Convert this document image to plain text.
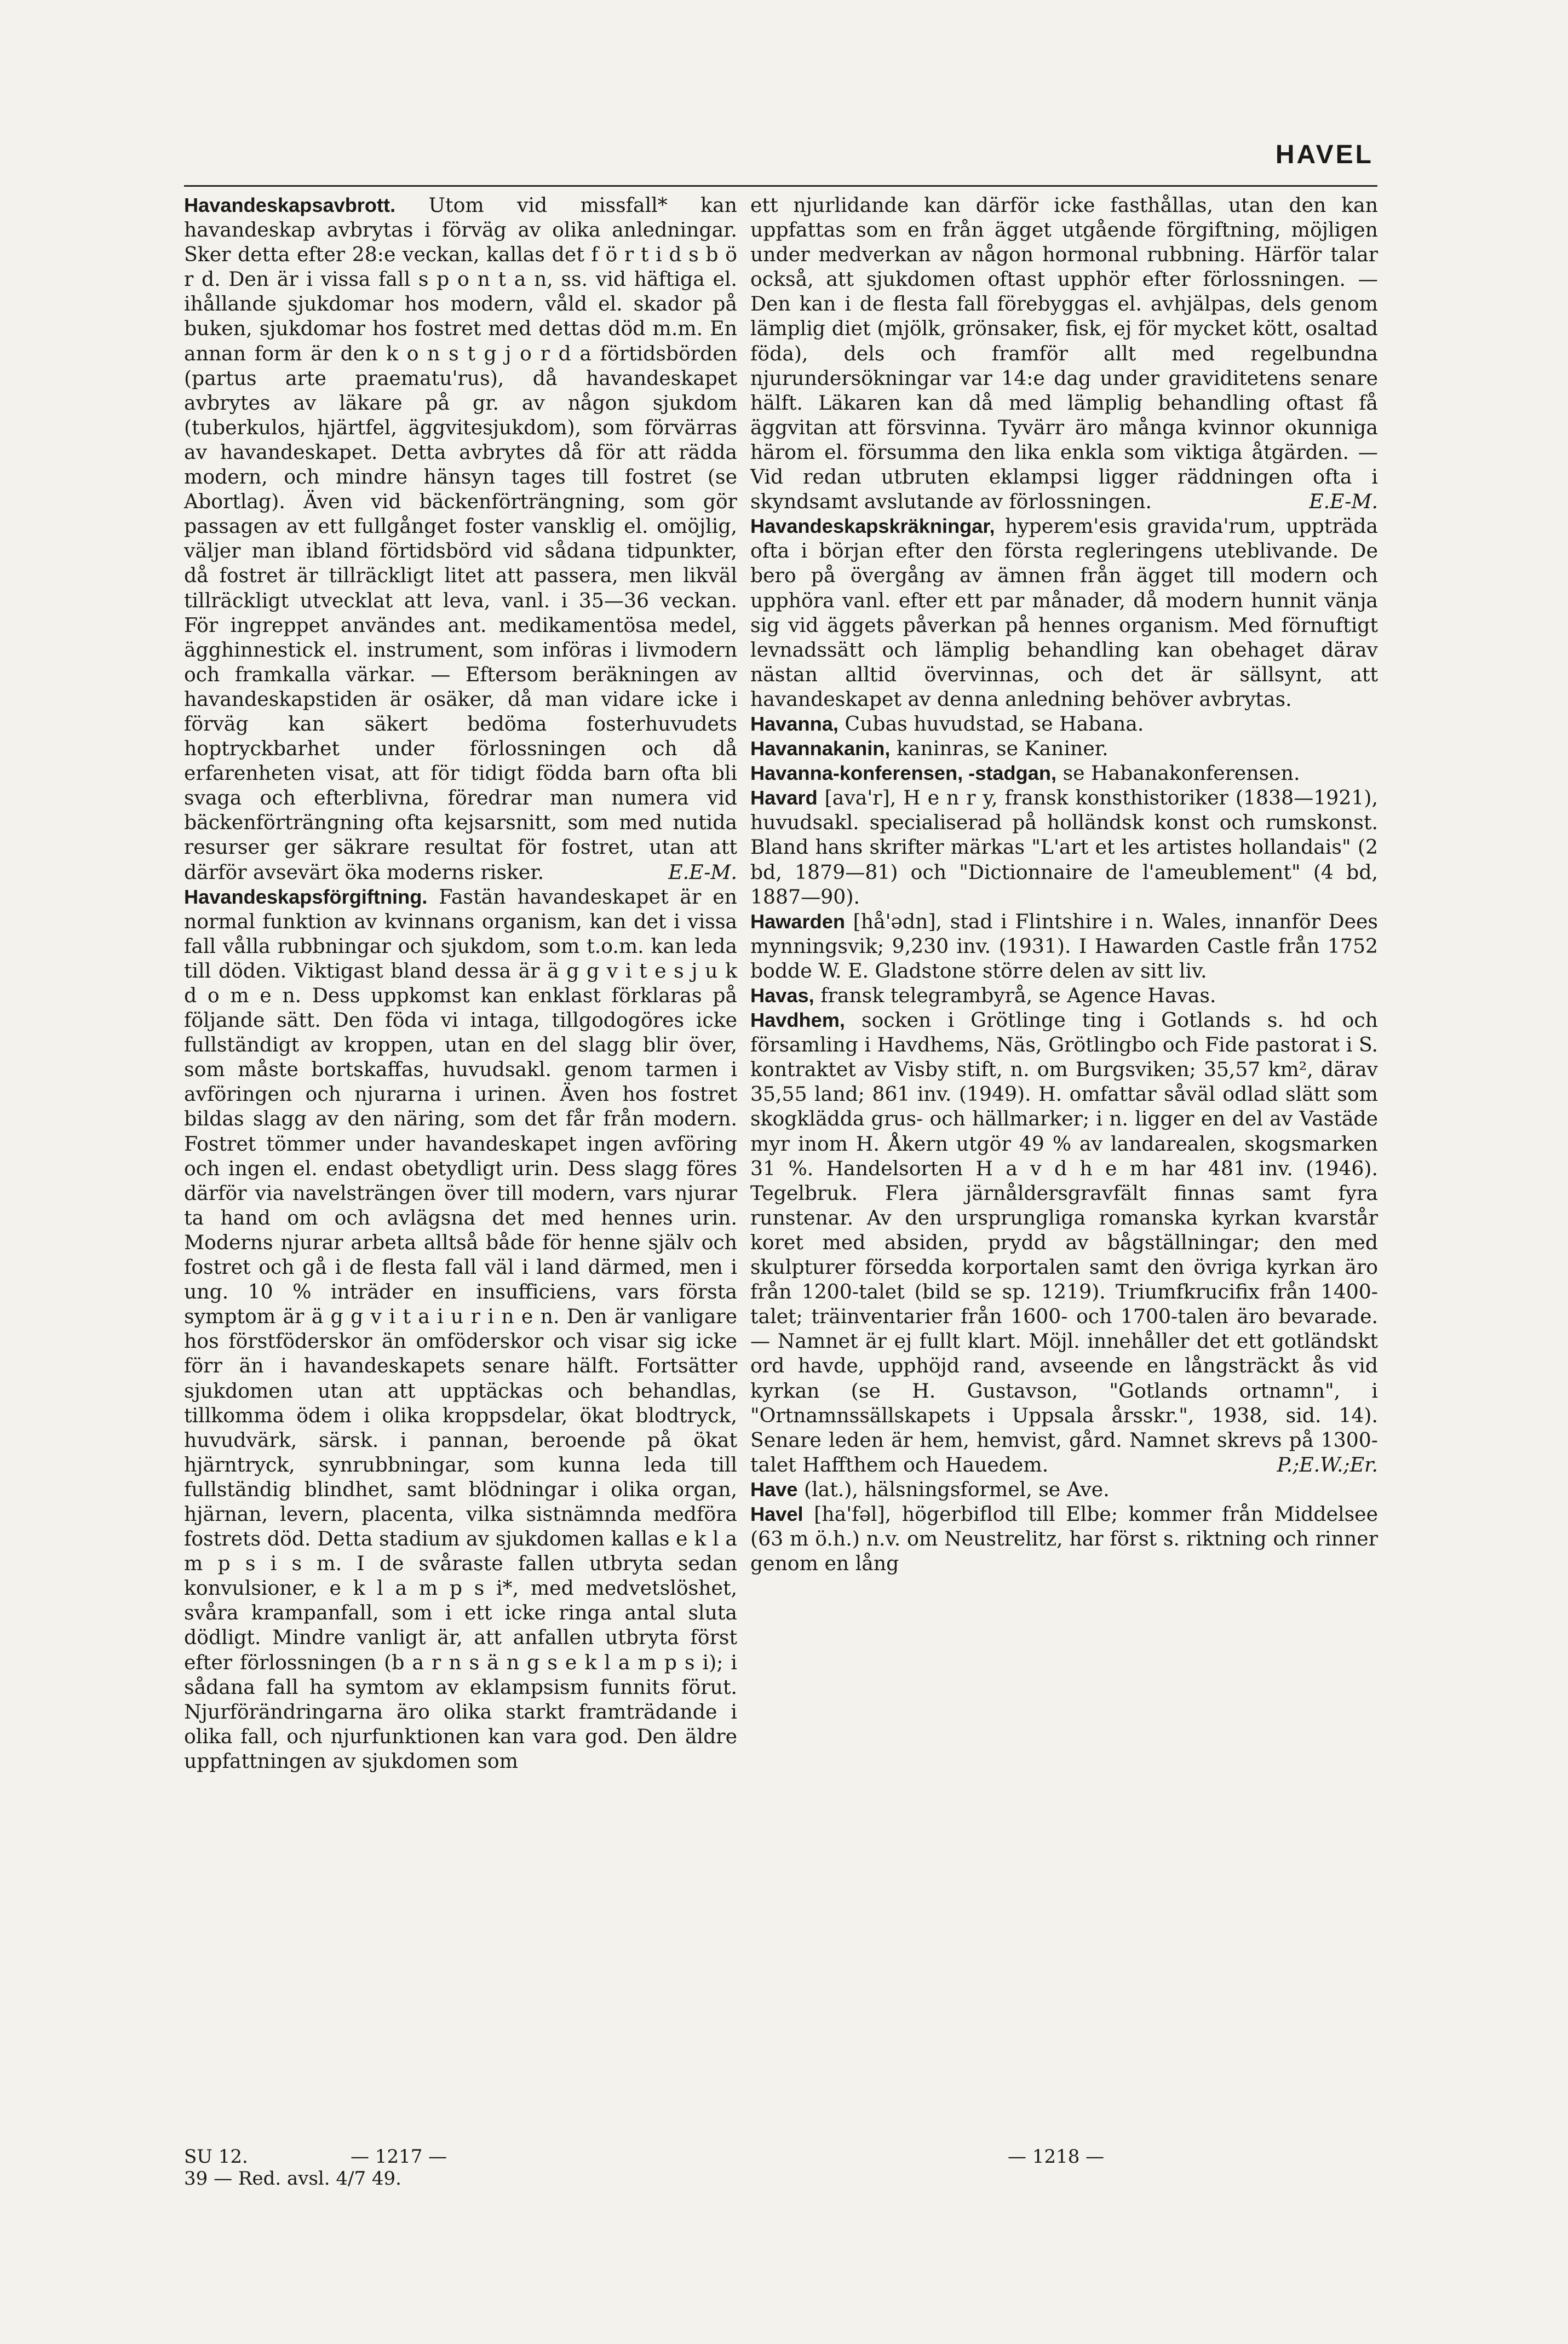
HAVEL

Havandeskapsavbrott. Utom vid missfall* kan havandeskap avbrytas i förväg av olika anledningar. Sker detta efter 28:e veckan, kallas det f ö r t i d s b ö r d. Den är i vissa fall s p o n t a n, ss. vid häftiga el. ihållande sjukdomar hos modern, våld el. skador på buken, sjukdomar hos fostret med dettas död m.m. En annan form är den k o n s t g j o r d a förtidsbörden (partus arte praematu'rus), då havandeskapet avbrytes av läkare på gr. av någon sjukdom (tuberkulos, hjärtfel, äggvitesjukdom), som förvärras av havandeskapet. Detta avbrytes då för att rädda modern, och mindre hänsyn tages till fostret (se Abortlag). Även vid bäckenförträngning, som gör passagen av ett fullgånget foster vansklig el. omöjlig, väljer man ibland förtidsbörd vid sådana tidpunkter, då fostret är tillräckligt litet att passera, men likväl tillräckligt utvecklat att leva, vanl. i 35—36 veckan. För ingreppet användes ant. medikamentösa medel, ägghinnestick el. instrument, som införas i livmodern och framkalla värkar. — Eftersom beräkningen av havandeskapstiden är osäker, då man vidare icke i förväg kan säkert bedöma fosterhuvudets hoptryckbarhet under förlossningen och då erfarenheten visat, att för tidigt födda barn ofta bli svaga och efterblivna, föredrar man numera vid bäckenförträngning ofta kejsarsnitt, som med nutida resurser ger säkrare resultat för fostret, utan att därför avsevärt öka moderns risker.	E.E-M.

Havandeskapsförgiftning. Fastän havandeskapet är en normal funktion av kvinnans organism, kan det i vissa fall vålla rubbningar och sjukdom, som t.o.m. kan leda till döden. Viktigast bland dessa är ä g g v i t e s j u k d o m e n. Dess uppkomst kan enklast förklaras på följande sätt. Den föda vi intaga, tillgodogöres icke fullständigt av kroppen, utan en del slagg blir över, som måste bortskaffas, huvudsakl. genom tarmen i avföringen och njurarna i urinen. Även hos fostret bildas slagg av den näring, som det får från modern. Fostret tömmer under havandeskapet ingen avföring och ingen el. endast obetydligt urin. Dess slagg föres därför via navelsträngen över till modern, vars njurar ta hand om och avlägsna det med hennes urin. Moderns njurar arbeta alltså både för henne själv och fostret och gå i de flesta fall väl i land därmed, men i ung. 10 % inträder en insufficiens, vars första symptom är ä g g v i t a i u r i n e n. Den är vanligare hos förstföderskor än omföderskor och visar sig icke förr än i havandeskapets senare hälft. Fortsätter sjukdomen utan att upptäckas och behandlas, tillkomma ödem i olika kroppsdelar, ökat blodtryck, huvudvärk, särsk. i pannan, beroende på ökat hjärntryck, synrubbningar, som kunna leda till fullständig blindhet, samt blödningar i olika organ, hjärnan, levern, placenta, vilka sistnämnda medföra fostrets död. Detta stadium av sjukdomen kallas e k l a m p s i s m. I de svåraste fallen utbryta sedan konvulsioner, e k l a m p s i*, med medvetslöshet, svåra krampanfall, som i ett icke ringa antal sluta dödligt. Mindre vanligt är, att anfallen utbryta först efter förlossningen (b a r n s ä n g s e k l a m p s i); i sådana fall ha symtom av eklampsism funnits förut. Njurförändringarna äro olika starkt framträdande i olika fall, och njurfunktionen kan vara god. Den äldre uppfattningen av sjukdomen som

ett njurlidande kan därför icke fasthållas, utan den kan uppfattas som en från ägget utgående förgiftning, möjligen under medverkan av någon hormonal rubbning. Härför talar också, att sjukdomen oftast upphör efter förlossningen. — Den kan i de flesta fall förebyggas el. avhjälpas, dels genom lämplig diet (mjölk, grönsaker, fisk, ej för mycket kött, osaltad föda), dels och framför allt med regelbundna njurundersökningar var 14:e dag under graviditetens senare hälft. Läkaren kan då med lämplig behandling oftast få äggvitan att försvinna. Tyvärr äro många kvinnor okunniga härom el. försumma den lika enkla som viktiga åtgärden. — Vid redan utbruten eklampsi ligger räddningen ofta i skyndsamt avslutande av förlossningen.	E.E-M.

Havandeskapskräkningar, hyperem'esis gravida'rum, uppträda ofta i början efter den första regleringens uteblivande. De bero på övergång av ämnen från ägget till modern och upphöra vanl. efter ett par månader, då modern hunnit vänja sig vid äggets påverkan på hennes organism. Med förnuftigt levnadssätt och lämplig behandling kan obehaget därav nästan alltid övervinnas, och det är sällsynt, att havandeskapet av denna anledning behöver avbrytas.

Havanna, Cubas huvudstad, se Habana.

Havannakanin, kaninras, se Kaniner.

Havanna-konferensen, -stadgan, se Habanakonferensen.

Havard [ava'r], H e n r y, fransk konsthistoriker (1838—1921), huvudsakl. specialiserad på holländsk konst och rumskonst. Bland hans skrifter märkas "L'art et les artistes hollandais" (2 bd, 1879—81) och "Dictionnaire de l'ameublement" (4 bd, 1887—90).

Hawarden [hå'ədn], stad i Flintshire i n. Wales, innanför Dees mynningsvik; 9,230 inv. (1931). I Hawarden Castle från 1752 bodde W. E. Gladstone större delen av sitt liv.

Havas, fransk telegrambyrå, se Agence Havas.

Havdhem, socken i Grötlinge ting i Gotlands s. hd och församling i Havdhems, Näs, Grötlingbo och Fide pastorat i S. kontraktet av Visby stift, n. om Burgsviken; 35,57 km², därav 35,55 land; 861 inv. (1949). H. omfattar såväl odlad slätt som skogklädda grus- och hällmarker; i n. ligger en del av Vastäde myr inom H. Åkern utgör 49 % av landarealen, skogsmarken 31 %. Handelsorten H a v d h e m har 481 inv. (1946). Tegelbruk. Flera järnåldersgravfält finnas samt fyra runstenar. Av den ursprungliga romanska kyrkan kvarstår koret med absiden, prydd av bågställningar; den med skulpturer försedda korportalen samt den övriga kyrkan äro från 1200-talet (bild se sp. 1219). Triumfkrucifix från 1400-talet; träinventarier från 1600- och 1700-talen äro bevarade. — Namnet är ej fullt klart. Möjl. innehåller det ett gotländskt ord havde, upphöjd rand, avseende en långsträckt ås vid kyrkan (se H. Gustavson, "Gotlands ortnamn", i "Ortnamnssällskapets i Uppsala årsskr.", 1938, sid. 14). Senare leden är hem, hemvist, gård. Namnet skrevs på 1300-talet Haffthem och Hauedem.	P.;E.W.;Er.

Have (lat.), hälsningsformel, se Ave.

Havel [ha'fəl], högerbiflod till Elbe; kommer från Middelsee (63 m ö.h.) n.v. om Neustrelitz, har först s. riktning och rinner genom en lång

SU 12.
39 — Red. avsl. 4/7 49.
— 1217 —	— 1218 —
